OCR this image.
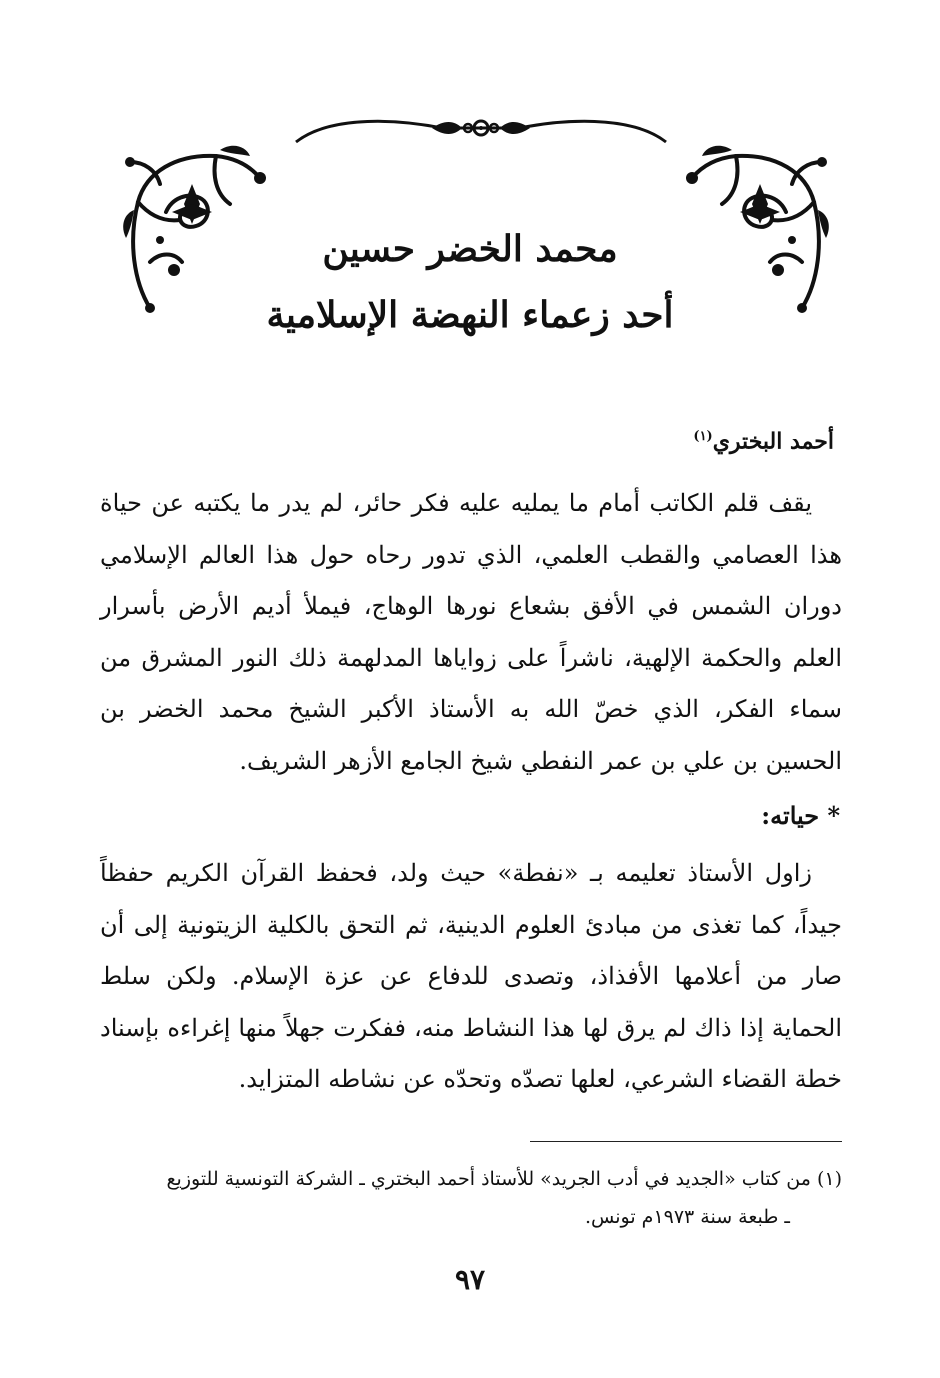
محمد الخضر حسين
أحد زعماء النهضة الإسلامية
أحمد البختري$^{(١)}$

يقف قلم الكاتب أمام ما يمليه عليه فكر حائر، لم يدر ما يكتبه عن حياة هذا العصامي والقطب العلمي، الذي تدور رحاه حول هذا العالم الإسلامي دوران الشمس في الأفق بشعاع نورها الوهاج، فيملأ أديم الأرض بأسرار العلم والحكمة الإلهية، ناشراً على زواياها المدلهمة ذلك النور المشرق من سماء الفكر، الذي خصّ الله به الأستاذ الأكبر الشيخ محمد الخضر بن الحسين بن علي بن عمر النفطي شيخ الجامع الأزهر الشريف.

* حياته:

زاول الأستاذ تعليمه بـ «نفطة» حيث ولد، فحفظ القرآن الكريم حفظاً جيداً، كما تغذى من مبادئ العلوم الدينية، ثم التحق بالكلية الزيتونية إلى أن صار من أعلامها الأفذاذ، وتصدى للدفاع عن عزة الإسلام. ولكن سلط الحماية إذا ذاك لم يرق لها هذا النشاط منه، ففكرت جهلاً منها إغراءه بإسناد خطة القضاء الشرعي، لعلها تصدّه وتحدّه عن نشاطه المتزايد.

(١) من كتاب «الجديد في أدب الجريد» للأستاذ أحمد البختري ـ الشركة التونسية للتوزيع
ـ طبعة سنة ١٩٧٣م تونس.

٩٧
